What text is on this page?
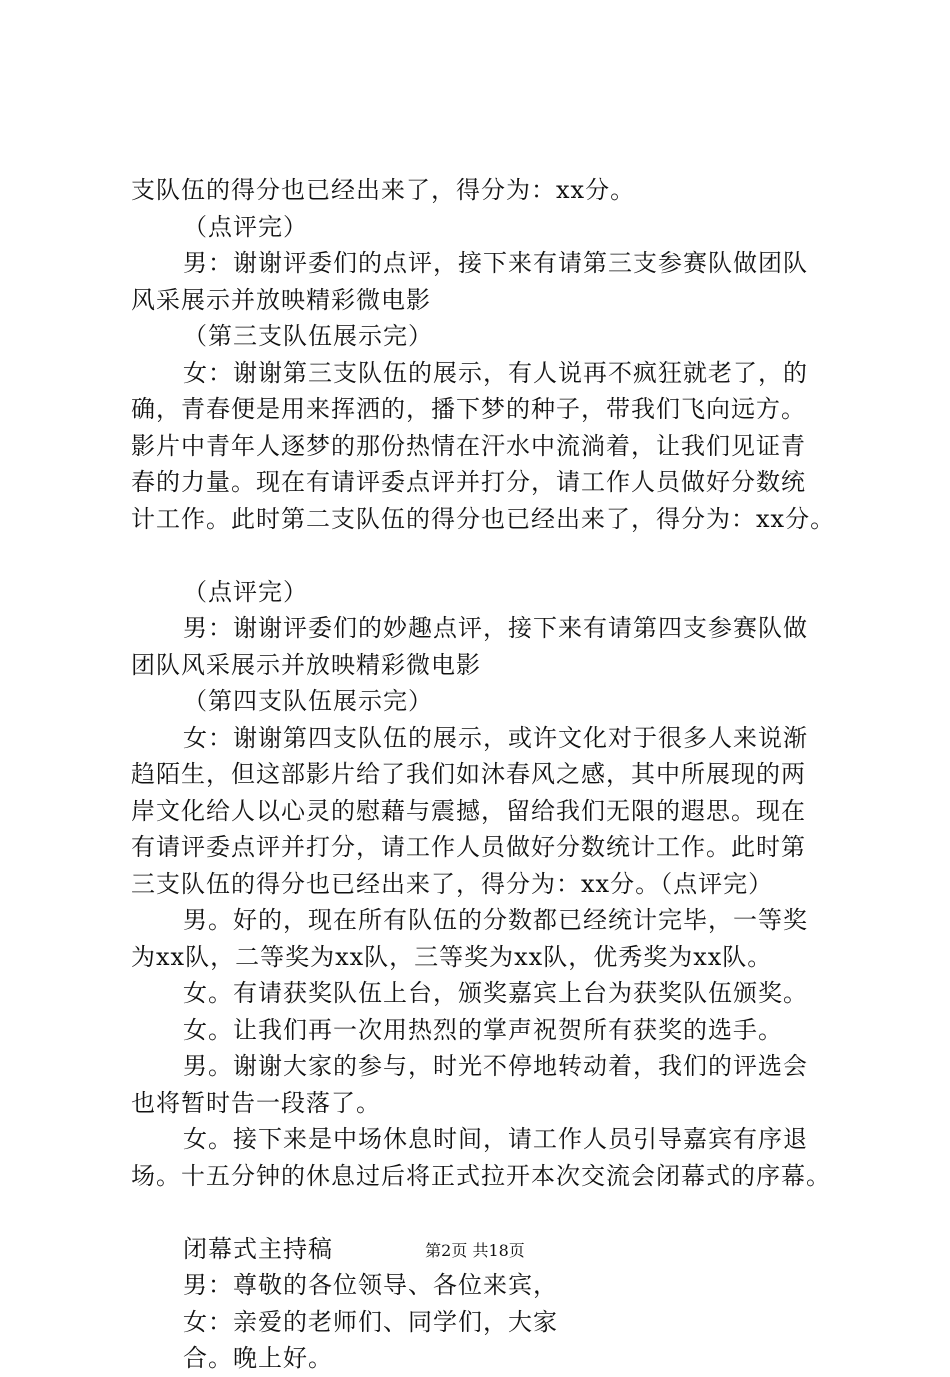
支队伍的得分也已经出来了，得分为：xx分。

（点评完）

男：谢谢评委们的点评，接下来有请第三支参赛队做团队

风采展示并放映精彩微电影

（第三支队伍展示完）

女：谢谢第三支队伍的展示，有人说再不疯狂就老了，的

确，青春便是用来挥洒的，播下梦的种子，带我们飞向远方。

影片中青年人逐梦的那份热情在汗水中流淌着，让我们见证青

春的力量。现在有请评委点评并打分，请工作人员做好分数统

计工作。此时第二支队伍的得分也已经出来了，得分为：xx分。

（点评完）

男：谢谢评委们的妙趣点评，接下来有请第四支参赛队做

团队风采展示并放映精彩微电影

（第四支队伍展示完）

女：谢谢第四支队伍的展示，或许文化对于很多人来说渐

趋陌生，但这部影片给了我们如沐春风之感，其中所展现的两

岸文化给人以心灵的慰藉与震撼，留给我们无限的遐思。现在

有请评委点评并打分，请工作人员做好分数统计工作。此时第

三支队伍的得分也已经出来了，得分为：xx分。（点评完）

男。好的，现在所有队伍的分数都已经统计完毕，一等奖

为xx队，二等奖为xx队，三等奖为xx队，优秀奖为xx队。

女。有请获奖队伍上台，颁奖嘉宾上台为获奖队伍颁奖。

女。让我们再一次用热烈的掌声祝贺所有获奖的选手。

男。谢谢大家的参与，时光不停地转动着，我们的评选会

也将暂时告一段落了。

女。接下来是中场休息时间，请工作人员引导嘉宾有序退

场。十五分钟的休息过后将正式拉开本次交流会闭幕式的序幕。

闭幕式主持稿

男：尊敬的各位领导、各位来宾，

女：亲爱的老师们、同学们，大家

合。晚上好。

第2页 共18页
